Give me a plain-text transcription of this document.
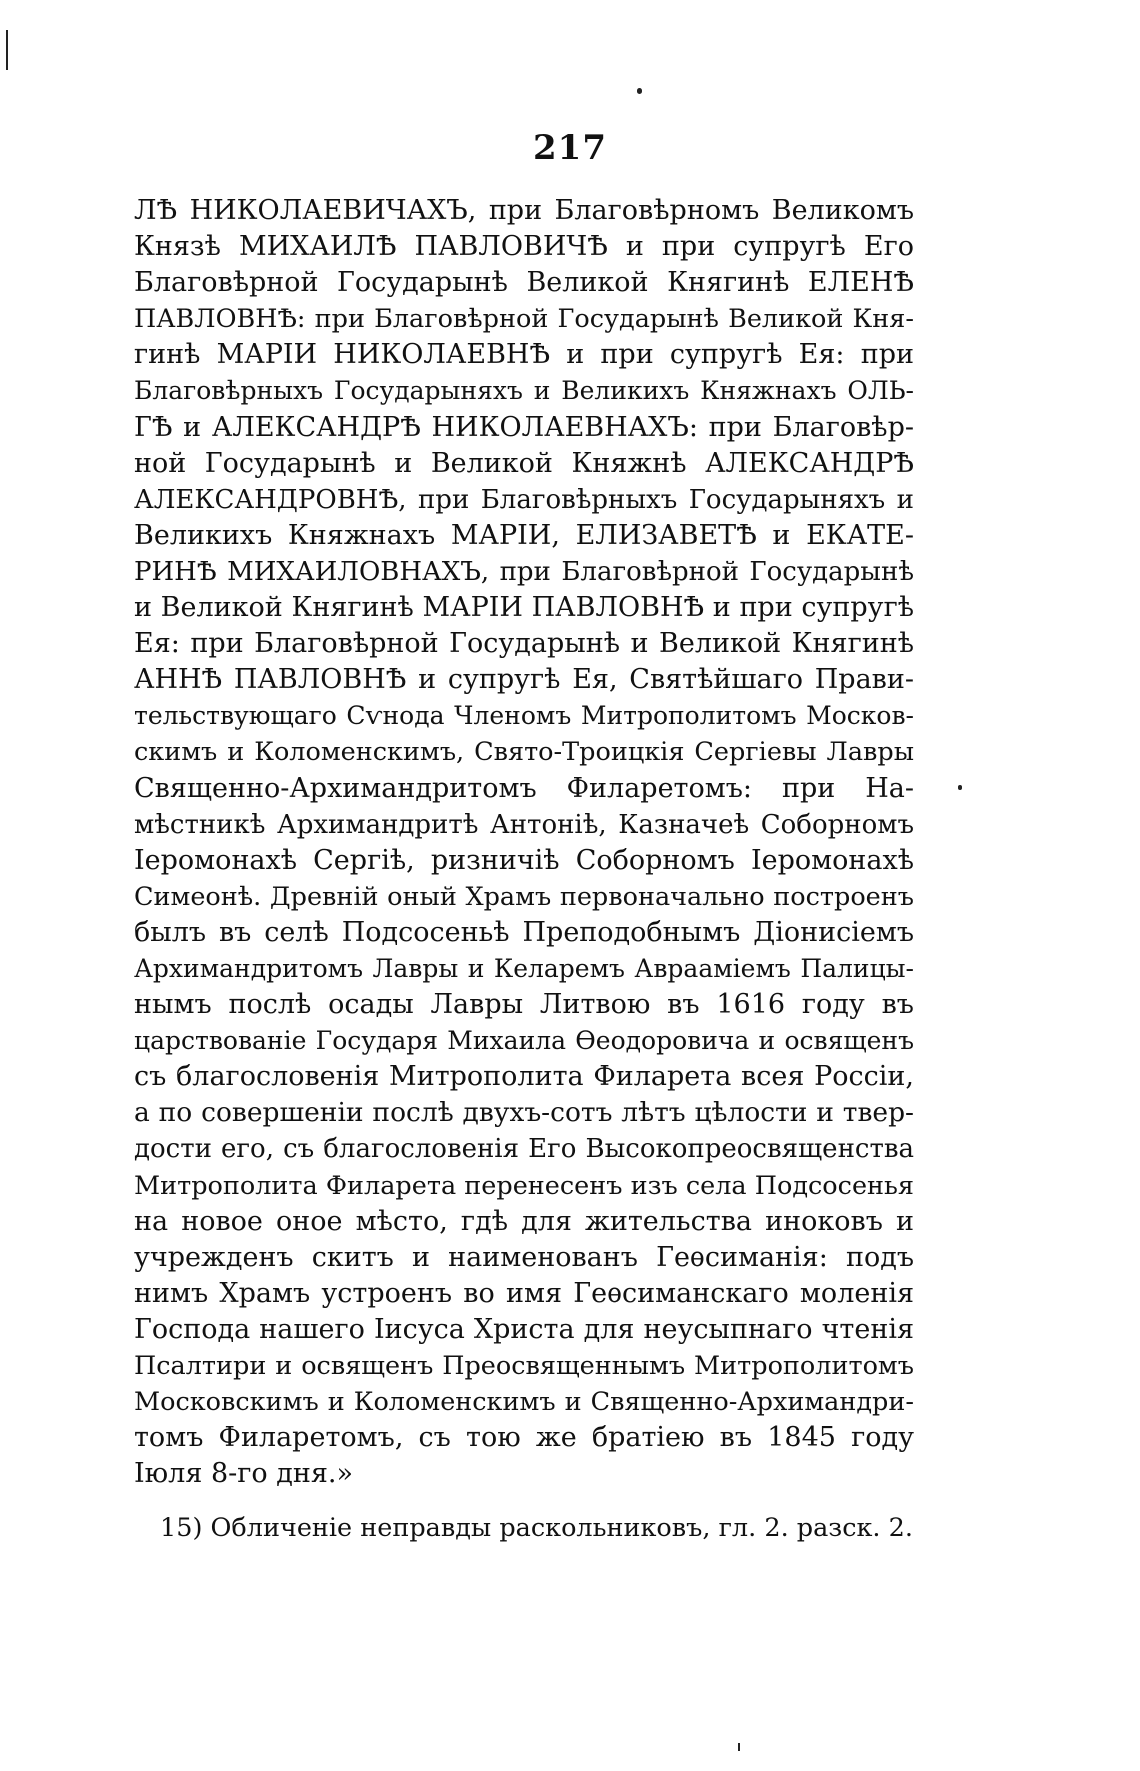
217
ЛѢ НИКОЛАЕВИЧАХЪ, при Благовѣрномъ Великомъ
Князѣ МИХАИЛѢ ПАВЛОВИЧѢ и при супругѣ Его
Благовѣрной Государынѣ Великой Княгинѣ ЕЛЕНѢ
ПАВЛОВНѢ: при Благовѣрной Государынѣ Великой Кня-
гинѣ МАРІИ НИКОЛАЕВНѢ и при супругѣ Ея: при
Благовѣрныхъ Государыняхъ и Великихъ Княжнахъ ОЛЬ-
ГѢ и АЛЕКСАНДРѢ НИКОЛАЕВНАХЪ: при Благовѣр-
ной Государынѣ и Великой Княжнѣ АЛЕКСАНДРѢ
АЛЕКСАНДРОВНѢ, при Благовѣрныхъ Государыняхъ и
Великихъ Княжнахъ МАРІИ, ЕЛИЗАВЕТѢ и ЕКАТЕ-
РИНѢ МИХАИЛОВНАХЪ, при Благовѣрной Государынѣ
и Великой Княгинѣ МАРІИ ПАВЛОВНѢ и при супругѣ
Ея: при Благовѣрной Государынѣ и Великой Княгинѣ
АННѢ ПАВЛОВНѢ и супругѣ Ея, Святѣйшаго Прави-
тельствующаго Сѵнода Членомъ Митрополитомъ Москов-
скимъ и Коломенскимъ, Свято-Троицкія Сергіевы Лавры
Священно-Архимандритомъ Филаретомъ: при На-
мѣстникѣ Архимандритѣ Антоніѣ, Казначеѣ Соборномъ
Іеромонахѣ Сергіѣ, ризничіѣ Соборномъ Іеромонахѣ
Симеонѣ. Древній оный Храмъ первоначально построенъ
былъ въ селѣ Подсосеньѣ Преподобнымъ Діонисіемъ
Архимандритомъ Лавры и Келаремъ Авраамiемъ Палицы-
нымъ послѣ осады Лавры Литвою въ 1616 году въ
царствованіе Государя Михаила Ѳеодоровича и освященъ
съ благословенія Митрополита Филарета всея Россіи,
а по совершеніи послѣ двухъ-сотъ лѣтъ цѣлости и твер-
дости его, съ благословенія Его Высокопреосвященства
Митрополита Филарета перенесенъ изъ села Подсосенья
на новое оное мѣсто, гдѣ для жительства иноковъ и
учрежденъ скитъ и наименованъ Геѳсиманія: подъ
нимъ Храмъ устроенъ во имя Геѳсиманскаго моленія
Господа нашего Іисуса Христа для неусыпнаго чтенія
Псалтири и освященъ Преосвященнымъ Митрополитомъ
Московскимъ и Коломенскимъ и Священно-Архимандри-
томъ Филаретомъ, съ тою же братіею въ 1845 году
Іюля 8-го дня.»
15) Обличеніе неправды раскольниковъ, гл. 2. разск. 2.
